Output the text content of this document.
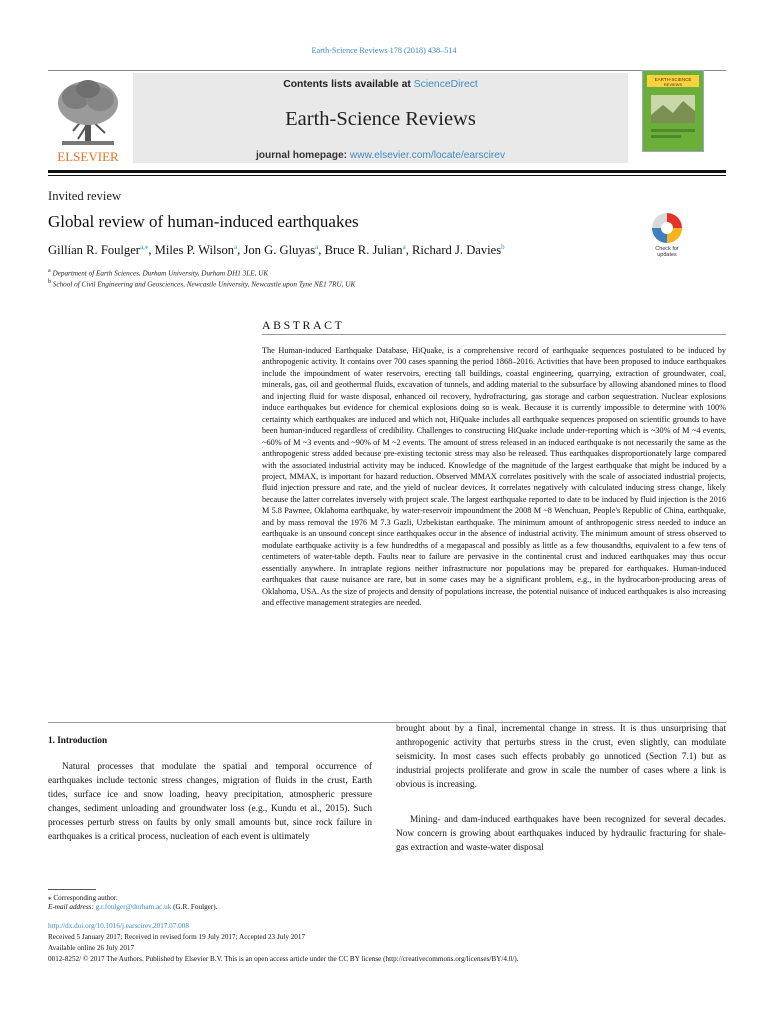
Earth-Science Reviews 178 (2018) 438–514
ELSEVIER
Contents lists available at ScienceDirect
Earth-Science Reviews
journal homepage: www.elsevier.com/locate/earscirev
EARTH-SCIENCE
REVIEWS
Invited review
Global review of human-induced earthquakes
Gillian R. Foulger$^{a,⁎}$, Miles P. Wilson$^a$, Jon G. Gluyas$^a$, Bruce R. Julian$^a$, Richard J. Davies$^b$
$^a$ Department of Earth Sciences, Durham University, Durham DH1 3LE, UK
$^b$ School of Civil Engineering and Geosciences, Newcastle University, Newcastle upon Tyne NE1 7RU, UK
Check for updates
ABSTRACT
The Human-induced Earthquake Database, HiQuake, is a comprehensive record of earthquake sequences postulated to be induced by anthropogenic activity. It contains over 700 cases spanning the period 1868–2016. Activities that have been proposed to induce earthquakes include the impoundment of water reservoirs, erecting tall buildings, coastal engineering, quarrying, extraction of groundwater, coal, minerals, gas, oil and geothermal fluids, excavation of tunnels, and adding material to the subsurface by allowing abandoned mines to flood and injecting fluid for waste disposal, enhanced oil recovery, hydrofracturing, gas storage and carbon sequestration. Nuclear explosions induce earthquakes but evidence for chemical explosions doing so is weak. Because it is currently impossible to determine with 100% certainty which earthquakes are induced and which not, HiQuake includes all earthquake sequences proposed on scientific grounds to have been human-induced regardless of credibility. Challenges to constructing HiQuake include under-reporting which is ~30% of M ~4 events, ~60% of M ~3 events and ~90% of M ~2 events. The amount of stress released in an induced earthquake is not necessarily the same as the anthropogenic stress added because pre-existing tectonic stress may also be released. Thus earthquakes disproportionately large compared with the associated industrial activity may be induced. Knowledge of the magnitude of the largest earthquake that might be induced by a project, MMAX, is important for hazard reduction. Observed MMAX correlates positively with the scale of associated industrial projects, fluid injection pressure and rate, and the yield of nuclear devices. It correlates negatively with calculated inducing stress change, likely because the latter correlates inversely with project scale. The largest earthquake reported to date to be induced by fluid injection is the 2016 M 5.8 Pawnee, Oklahoma earthquake, by water-reservoir impoundment the 2008 M ~8 Wenchuan, People's Republic of China, earthquake, and by mass removal the 1976 M 7.3 Gazli, Uzbekistan earthquake. The minimum amount of anthropogenic stress needed to induce an earthquake is an unsound concept since earthquakes occur in the absence of industrial activity. The minimum amount of stress observed to modulate earthquake activity is a few hundredths of a megapascal and possibly as little as a few thousandths, equivalent to a few tens of centimeters of water-table depth. Faults near to failure are pervasive in the continental crust and induced earthquakes may thus occur essentially anywhere. In intraplate regions neither infrastructure nor populations may be prepared for earthquakes. Human-induced earthquakes that cause nuisance are rare, but in some cases may be a significant problem, e.g., in the hydrocarbon-producing areas of Oklahoma, USA. As the size of projects and density of populations increase, the potential nuisance of induced earthquakes is also increasing and effective management strategies are needed.
1. Introduction
Natural processes that modulate the spatial and temporal occurrence of earthquakes include tectonic stress changes, migration of fluids in the crust, Earth tides, surface ice and snow loading, heavy precipitation, atmospheric pressure changes, sediment unloading and groundwater loss (e.g., Kundu et al., 2015). Such processes perturb stress on faults by only small amounts but, since rock failure in earthquakes is a critical process, nucleation of each event is ultimately
brought about by a final, incremental change in stress. It is thus unsurprising that anthropogenic activity that perturbs stress in the crust, even slightly, can modulate seismicity. In most cases such effects probably go unnoticed (Section 7.1) but as industrial projects proliferate and grow in scale the number of cases where a link is obvious is increasing.
Mining- and dam-induced earthquakes have been recognized for several decades. Now concern is growing about earthquakes induced by hydraulic fracturing for shale-gas extraction and waste-water disposal
⁎ Corresponding author.
E-mail address: g.r.foulger@durham.ac.uk (G.R. Foulger).
http://dx.doi.org/10.1016/j.earscirev.2017.07.008
Received 5 January 2017; Received in revised form 19 July 2017; Accepted 23 July 2017
Available online 26 July 2017
0012-8252/ © 2017 The Authors. Published by Elsevier B.V. This is an open access article under the CC BY license (http://creativecommons.org/licenses/BY/4.0/).
